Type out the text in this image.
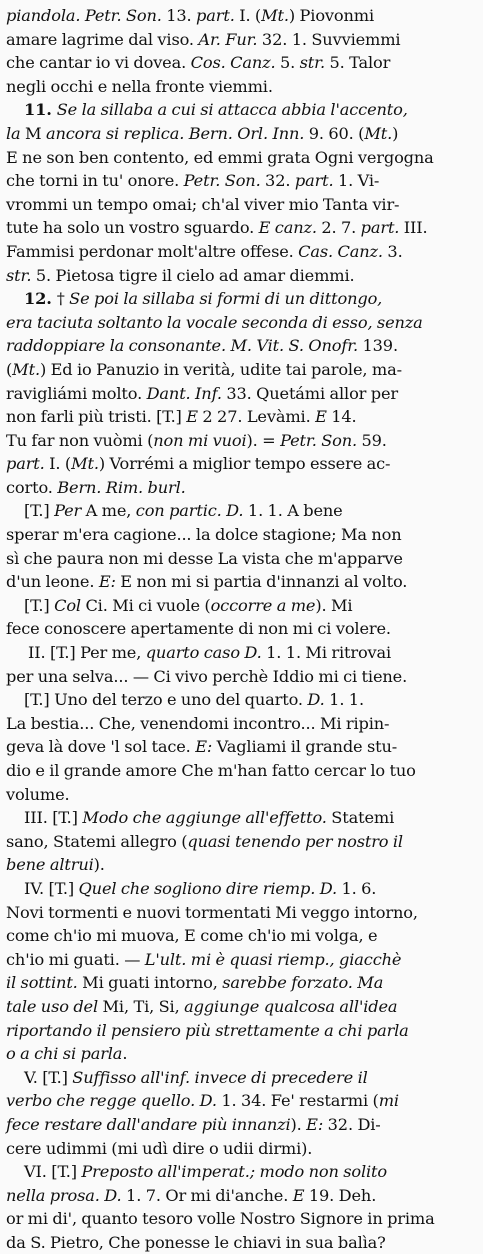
piandola. Petr. Son. 13. part. I. (Mt.) Piovonmi
amare lagrime dal viso. Ar. Fur. 32. 1. Suvviemmi
che cantar io vi dovea. Cos. Canz. 5. str. 5. Talor
negli occhi e nella fronte viemmi.
11. Se la sillaba a cui si attacca abbia l'accento,
la M ancora si replica. Bern. Orl. Inn. 9. 60. (Mt.)
E ne son ben contento, ed emmi grata Ogni vergogna
che torni in tu' onore. Petr. Son. 32. part. 1. Vi-
vrommi un tempo omai; ch'al viver mio Tanta vir-
tute ha solo un vostro sguardo. E canz. 2. 7. part. III.
Fammisi perdonar molt'altre offese. Cas. Canz. 3.
str. 5. Pietosa tigre il cielo ad amar diemmi.
12. † Se poi la sillaba si formi di un dittongo,
era taciuta soltanto la vocale seconda di esso, senza
raddoppiare la consonante. M. Vit. S. Onofr. 139.
(Mt.) Ed io Panuzio in verità, udite tai parole, ma-
ravigliámi molto. Dant. Inf. 33. Quetámi allor per
non farli più tristi. [T.] E 2 27. Levàmi. E 14.
Tu far non vuòmi (non mi vuoi). = Petr. Son. 59.
part. I. (Mt.) Vorrémi a miglior tempo essere ac-
corto. Bern. Rim. burl.
[T.] Per A me, con partic. D. 1. 1. A bene
sperar m'era cagione... la dolce stagione; Ma non
sì che paura non mi desse La vista che m'apparve
d'un leone. E: E non mi si partia d'innanzi al volto.
[T.] Col Ci. Mi ci vuole (occorre a me). Mi
fece conoscere apertamente di non mi ci volere.
II. [T.] Per me, quarto caso D. 1. 1. Mi ritrovai
per una selva... — Ci vivo perchè Iddio mi ci tiene.
[T.] Uno del terzo e uno del quarto. D. 1. 1.
La bestia... Che, venendomi incontro... Mi ripin-
geva là dove 'l sol tace. E: Vagliami il grande stu-
dio e il grande amore Che m'han fatto cercar lo tuo
volume.
III. [T.] Modo che aggiunge all'effetto. Statemi
sano, Statemi allegro (quasi tenendo per nostro il
bene altrui).
IV. [T.] Quel che sogliono dire riemp. D. 1. 6.
Novi tormenti e nuovi tormentati Mi veggo intorno,
come ch'io mi muova, E come ch'io mi volga, e
ch'io mi guati. — L'ult. mi è quasi riemp., giacchè
il sottint. Mi guati intorno, sarebbe forzato. Ma
tale uso del Mi, Ti, Si, aggiunge qualcosa all'idea
riportando il pensiero più strettamente a chi parla
o a chi si parla.
V. [T.] Suffisso all'inf. invece di precedere il
verbo che regge quello. D. 1. 34. Fe' restarmi (mi
fece restare dall'andare più innanzi). E: 32. Di-
cere udimmi (mi udì dire o udii dirmi).
VI. [T.] Preposto all'imperat.; modo non solito
nella prosa. D. 1. 7. Or mi di'anche. E 19. Deh.
or mi di', quanto tesoro volle Nostro Signore in prima
da S. Pietro, Che ponesse le chiavi in sua balìa?
